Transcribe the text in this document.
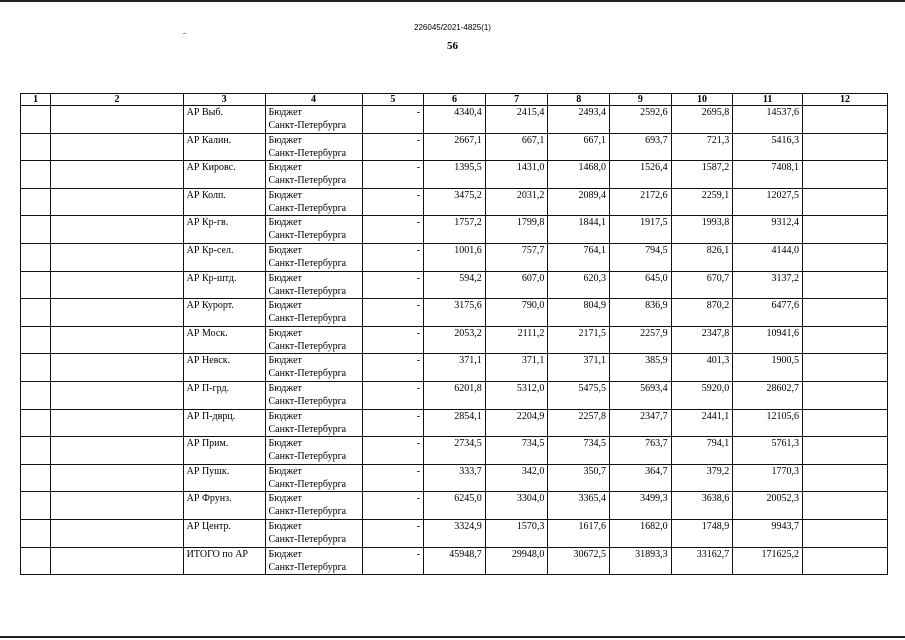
226045/2021-4825(1)
56
1	2	3	4	5	6	7	8	9	10	11	12
		АР Выб.	Бюджет
Санкт-Петербурга	-	4340,4	2415,4	2493,4	2592,6	2695,8	14537,6	
		АР Калин.	Бюджет
Санкт-Петербурга	-	2667,1	667,1	667,1	693,7	721,3	5416,3	
		АР Кировс.	Бюджет
Санкт-Петербурга	-	1395,5	1431,0	1468,0	1526,4	1587,2	7408,1	
		АР Колп.	Бюджет
Санкт-Петербурга	-	3475,2	2031,2	2089,4	2172,6	2259,1	12027,5	
		АР Кр-гв.	Бюджет
Санкт-Петербурга	-	1757,2	1799,8	1844,1	1917,5	1993,8	9312,4	
		АР Кр-сел.	Бюджет
Санкт-Петербурга	-	1001,6	757,7	764,1	794,5	826,1	4144,0	
		АР Кр-штд.	Бюджет
Санкт-Петербурга	-	594,2	607,0	620,3	645,0	670,7	3137,2	
		АР Курорт.	Бюджет
Санкт-Петербурга	-	3175,6	790,0	804,9	836,9	870,2	6477,6	
		АР Моск.	Бюджет
Санкт-Петербурга	-	2053,2	2111,2	2171,5	2257,9	2347,8	10941,6	
		АР Невск.	Бюджет
Санкт-Петербурга	-	371,1	371,1	371,1	385,9	401,3	1900,5	
		АР П-грд.	Бюджет
Санкт-Петербурга	-	6201,8	5312,0	5475,5	5693,4	5920,0	28602,7	
		АР П-дврц.	Бюджет
Санкт-Петербурга	-	2854,1	2204,9	2257,8	2347,7	2441,1	12105,6	
		АР Прим.	Бюджет
Санкт-Петербурга	-	2734,5	734,5	734,5	763,7	794,1	5761,3	
		АР Пушк.	Бюджет
Санкт-Петербурга	-	333,7	342,0	350,7	364,7	379,2	1770,3	
		АР Фрунз.	Бюджет
Санкт-Петербурга	-	6245,0	3304,0	3365,4	3499,3	3638,6	20052,3	
		АР Центр.	Бюджет
Санкт-Петербурга	-	3324,9	1570,3	1617,6	1682,0	1748,9	9943,7	
		ИТОГО по АР	Бюджет
Санкт-Петербурга	-	45948,7	29948,0	30672,5	31893,3	33162,7	171625,2	
